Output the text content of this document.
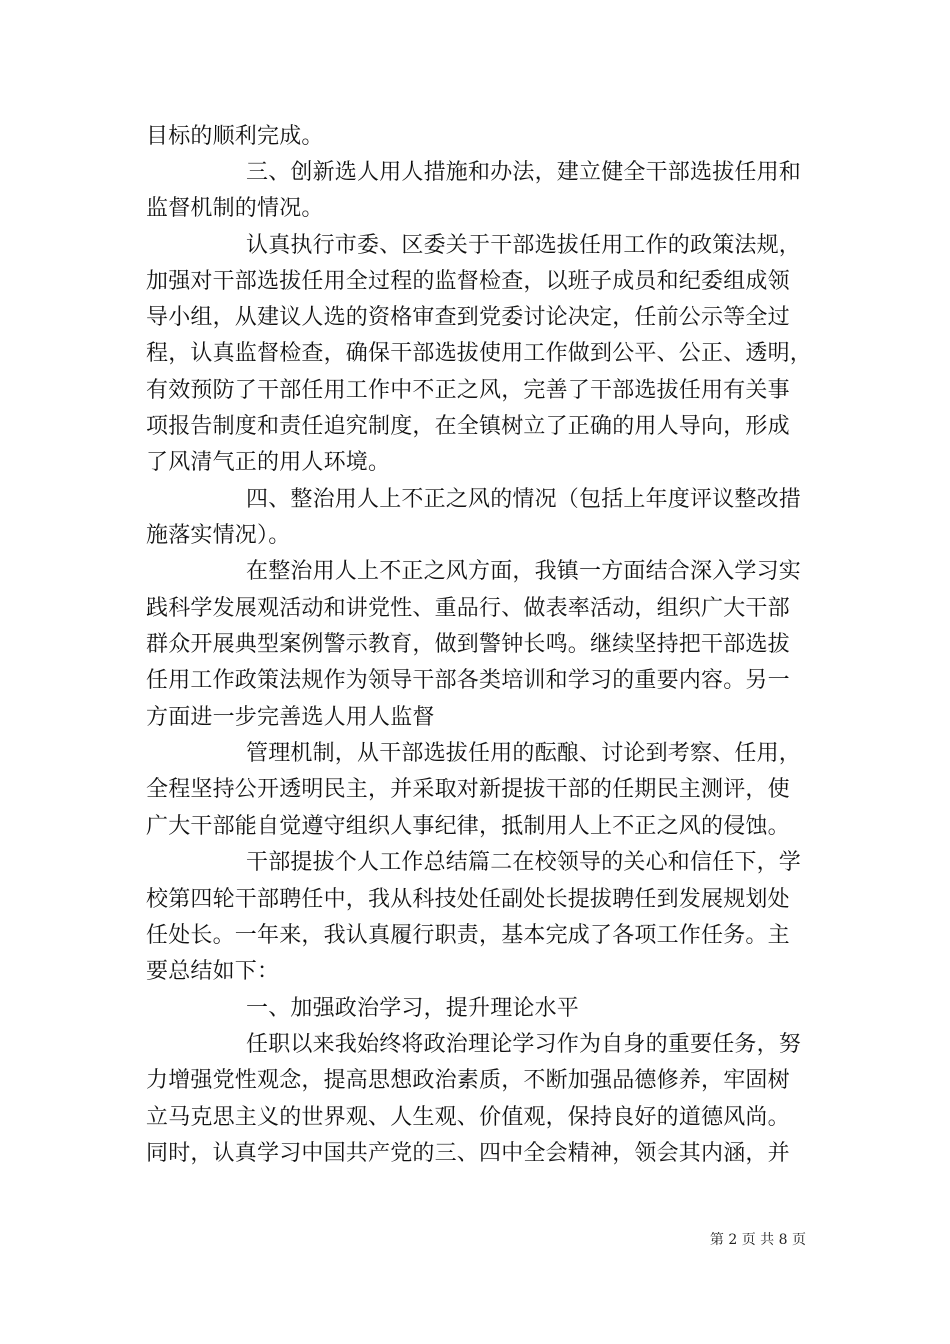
目标的顺利完成。
三、创新选人用人措施和办法，建立健全干部选拔任用和
监督机制的情况。
认真执行市委、区委关于干部选拔任用工作的政策法规，
加强对干部选拔任用全过程的监督检查，以班子成员和纪委组成领
导小组，从建议人选的资格审查到党委讨论决定，任前公示等全过
程，认真监督检查，确保干部选拔使用工作做到公平、公正、透明，
有效预防了干部任用工作中不正之风，完善了干部选拔任用有关事
项报告制度和责任追究制度，在全镇树立了正确的用人导向，形成
了风清气正的用人环境。
四、整治用人上不正之风的情况（包括上年度评议整改措
施落实情况）。
在整治用人上不正之风方面，我镇一方面结合深入学习实
践科学发展观活动和讲党性、重品行、做表率活动，组织广大干部
群众开展典型案例警示教育，做到警钟长鸣。继续坚持把干部选拔
任用工作政策法规作为领导干部各类培训和学习的重要内容。另一
方面进一步完善选人用人监督
管理机制，从干部选拔任用的酝酿、讨论到考察、任用，
全程坚持公开透明民主，并采取对新提拔干部的任期民主测评，使
广大干部能自觉遵守组织人事纪律，抵制用人上不正之风的侵蚀。
干部提拔个人工作总结篇二在校领导的关心和信任下，学
校第四轮干部聘任中，我从科技处任副处长提拔聘任到发展规划处
任处长。一年来，我认真履行职责，基本完成了各项工作任务。主
要总结如下：
一、加强政治学习，提升理论水平
任职以来我始终将政治理论学习作为自身的重要任务，努
力增强党性观念，提高思想政治素质，不断加强品德修养，牢固树
立马克思主义的世界观、人生观、价值观，保持良好的道德风尚。
同时，认真学习中国共产党的三、四中全会精神，领会其内涵，并
第 2 页 共 8 页
